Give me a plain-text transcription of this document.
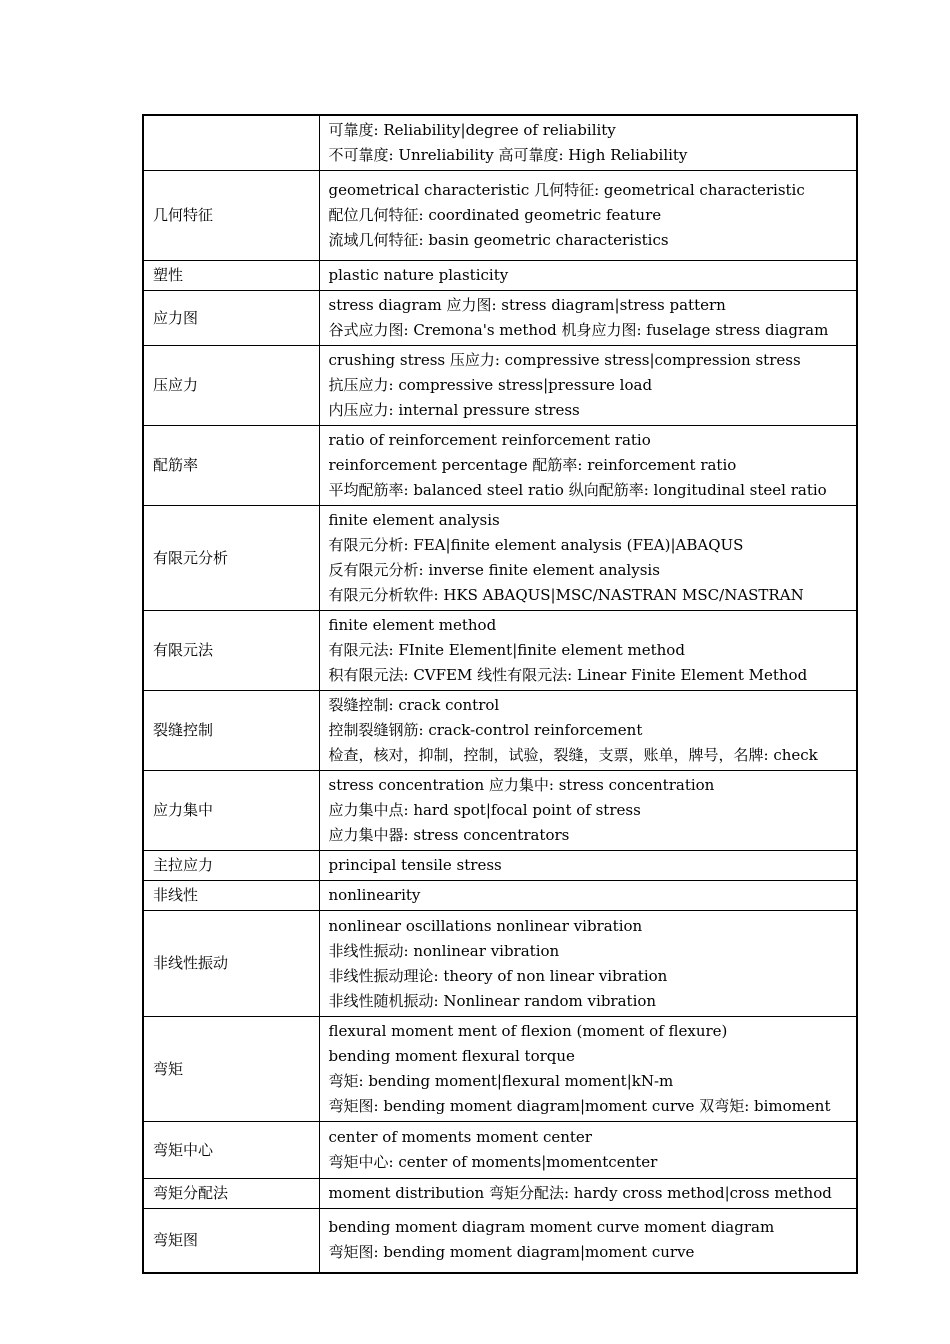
	可靠度: Reliability|degree of reliability
不可靠度: Unreliability 高可靠度: High Reliability

几何特征	geometrical characteristic 几何特征: geometrical characteristic
配位几何特征: coordinated geometric feature
流域几何特征: basin geometric characteristics

塑性	plastic nature plasticity

应力图	stress diagram 应力图: stress diagram|stress pattern
谷式应力图: Cremona's method 机身应力图: fuselage stress diagram

压应力	crushing stress 压应力: compressive stress|compression stress
抗压应力: compressive stress|pressure load
内压应力: internal pressure stress

配筋率	ratio of reinforcement reinforcement ratio
reinforcement percentage 配筋率: reinforcement ratio
平均配筋率: balanced steel ratio 纵向配筋率: longitudinal steel ratio

有限元分析	finite element analysis
有限元分析: FEA|finite element analysis (FEA)|ABAQUS
反有限元分析: inverse finite element analysis
有限元分析软件: HKS ABAQUS|MSC/NASTRAN MSC/NASTRAN

有限元法	finite element method
有限元法: FInite Element|finite element method
积有限元法: CVFEM 线性有限元法: Linear Finite Element Method

裂缝控制	裂缝控制: crack control
控制裂缝钢筋: crack-control reinforcement
检查，核对，抑制，控制，试验，裂缝，支票，账单，牌号，名牌: check

应力集中	stress concentration 应力集中: stress concentration
应力集中点: hard spot|focal point of stress
应力集中器: stress concentrators

主拉应力	principal tensile stress

非线性	nonlinearity

非线性振动	nonlinear oscillations nonlinear vibration
非线性振动: nonlinear vibration
非线性振动理论: theory of non linear vibration
非线性随机振动: Nonlinear random vibration

弯矩	flexural moment ment of flexion (moment of flexure)
bending moment flexural torque
弯矩: bending moment|flexural moment|kN-m
弯矩图: bending moment diagram|moment curve 双弯矩: bimoment

弯矩中心	center of moments moment center
弯矩中心: center of moments|momentcenter

弯矩分配法	moment distribution 弯矩分配法: hardy cross method|cross method

弯矩图	bending moment diagram moment curve moment diagram
弯矩图: bending moment diagram|moment curve
